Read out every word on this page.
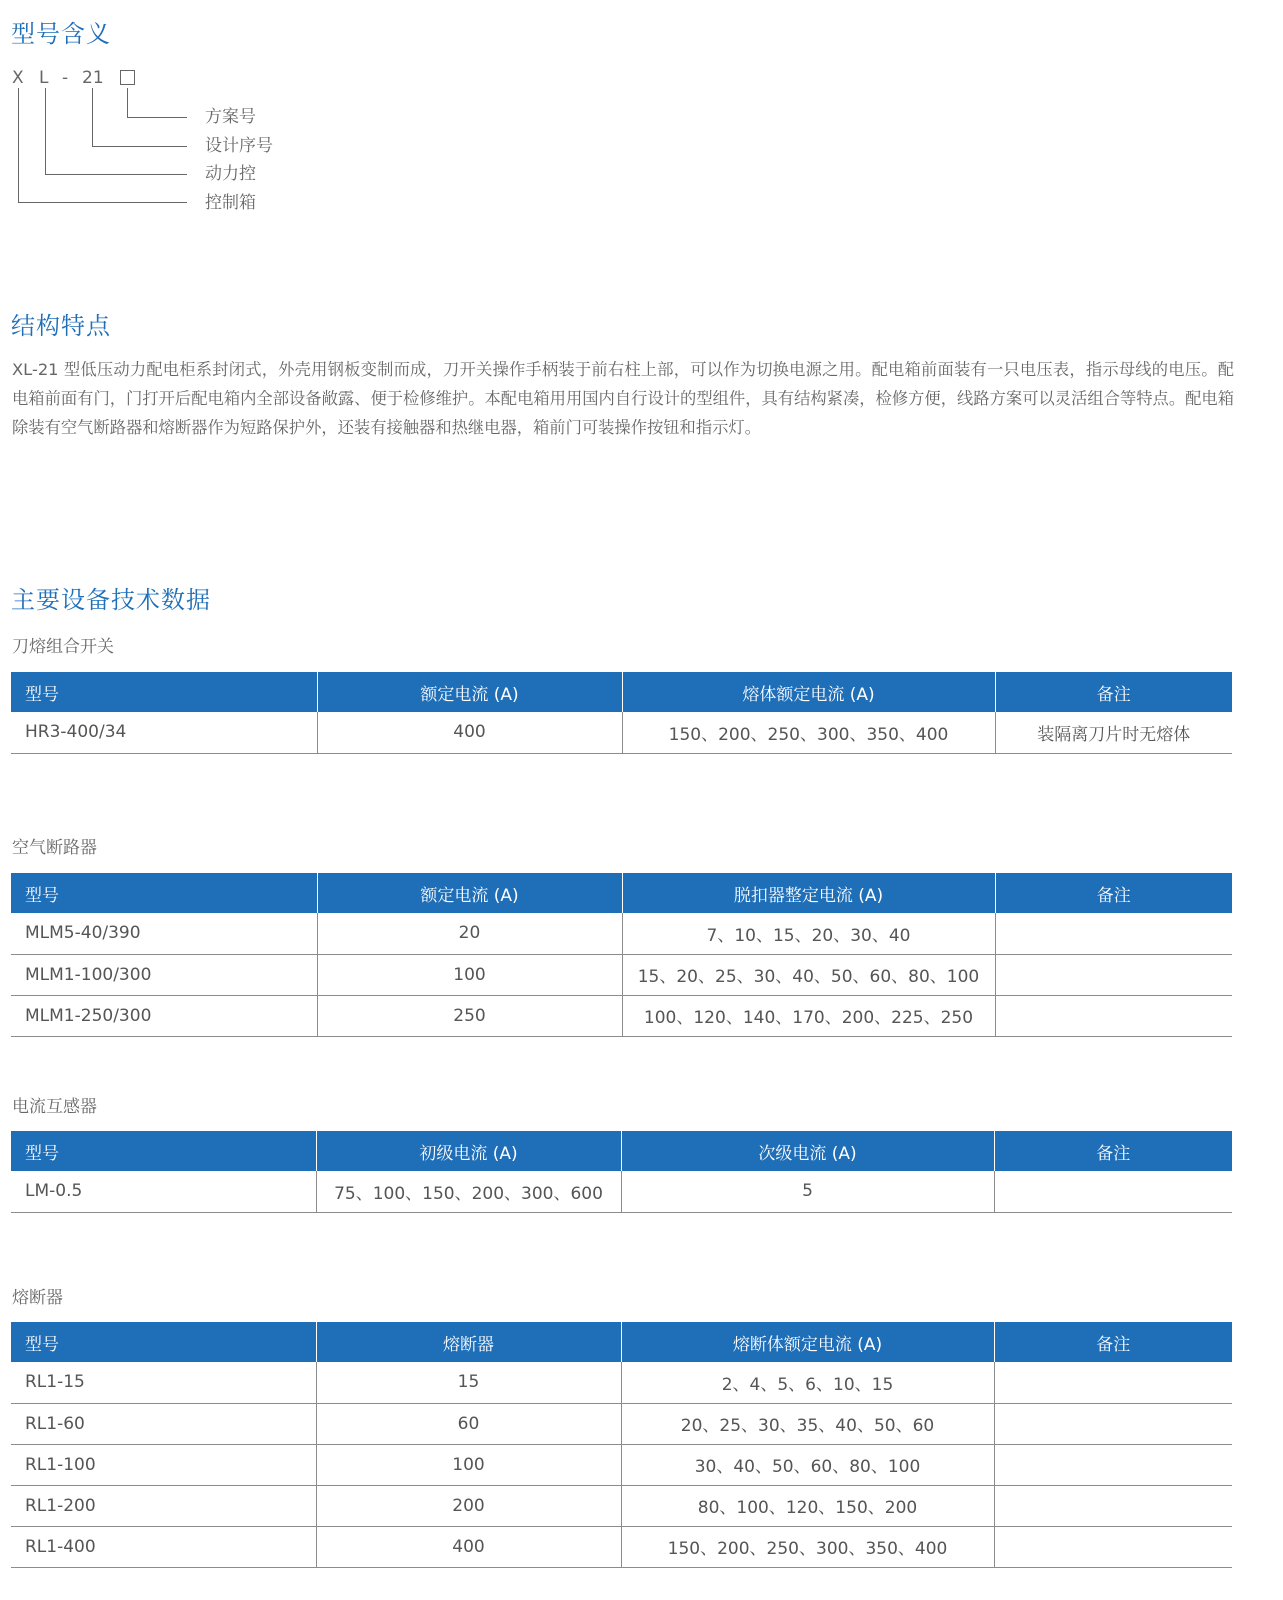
型号含义
X L - 21
方案号
设计序号
动力控
控制箱
结构特点

XL-21 型低压动力配电柜系封闭式，外壳用钢板变制而成，刀开关操作手柄装于前右柱上部，可以作为切换电源之用。配电箱前面装有一只电压表，指示母线的电压。配电箱前面有门，门打开后配电箱内全部设备敞露、便于检修维护。本配电箱用用国内自行设计的型组件，具有结构紧凑，检修方便，线路方案可以灵活组合等特点。配电箱除装有空气断路器和熔断器作为短路保护外，还装有接触器和热继电器，箱前门可装操作按钮和指示灯。

主要设备技术数据
刀熔组合开关
型号	额定电流 (A)	熔体额定电流 (A)	备注
HR3-400/34	400	150、200、250、300、350、400	装隔离刀片时无熔体
空气断路器
型号	额定电流 (A)	脱扣器整定电流 (A)	备注
MLM5-40/390	20	7、10、15、20、30、40	
MLM1-100/300	100	15、20、25、30、40、50、60、80、100	
MLM1-250/300	250	100、120、140、170、200、225、250	
电流互感器
型号	初级电流 (A)	次级电流 (A)	备注
LM-0.5	75、100、150、200、300、600	5	
熔断器
型号	熔断器	熔断体额定电流 (A)	备注
RL1-15	15	2、4、5、6、10、15	
RL1-60	60	20、25、30、35、40、50、60	
RL1-100	100	30、40、50、60、80、100	
RL1-200	200	80、100、120、150、200	
RL1-400	400	150、200、250、300、350、400	
